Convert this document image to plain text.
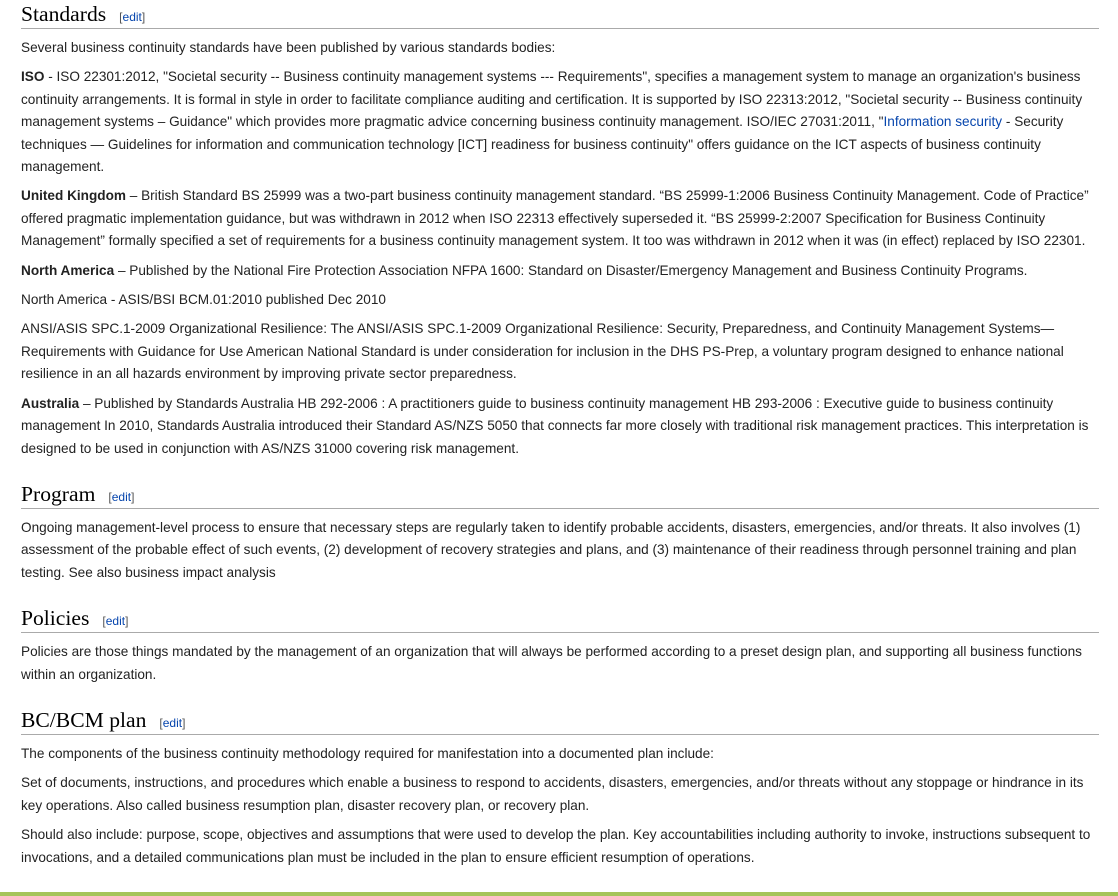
Standards [edit]

Several business continuity standards have been published by various standards bodies:

ISO - ISO 22301:2012, "Societal security -- Business continuity management systems --- Requirements", specifies a management system to manage an organization's business continuity arrangements. It is formal in style in order to facilitate compliance auditing and certification. It is supported by ISO 22313:2012, "Societal security -- Business continuity management systems – Guidance" which provides more pragmatic advice concerning business continuity management. ISO/IEC 27031:2011, "Information security - Security techniques — Guidelines for information and communication technology [ICT] readiness for business continuity" offers guidance on the ICT aspects of business continuity management.

United Kingdom – British Standard BS 25999 was a two-part business continuity management standard. “BS 25999-1:2006 Business Continuity Management. Code of Practice” offered pragmatic implementation guidance, but was withdrawn in 2012 when ISO 22313 effectively superseded it. “BS 25999-2:2007 Specification for Business Continuity Management” formally specified a set of requirements for a business continuity management system. It too was withdrawn in 2012 when it was (in effect) replaced by ISO 22301.

North America – Published by the National Fire Protection Association NFPA 1600: Standard on Disaster/Emergency Management and Business Continuity Programs.

North America - ASIS/BSI BCM.01:2010 published Dec 2010

ANSI/ASIS SPC.1-2009 Organizational Resilience: The ANSI/ASIS SPC.1-2009 Organizational Resilience: Security, Preparedness, and Continuity Management Systems—Requirements with Guidance for Use American National Standard is under consideration for inclusion in the DHS PS-Prep, a voluntary program designed to enhance national resilience in an all hazards environment by improving private sector preparedness.

Australia – Published by Standards Australia HB 292-2006 : A practitioners guide to business continuity management HB 293-2006 : Executive guide to business continuity management In 2010, Standards Australia introduced their Standard AS/NZS 5050 that connects far more closely with traditional risk management practices. This interpretation is designed to be used in conjunction with AS/NZS 31000 covering risk management.

Program [edit]

Ongoing management-level process to ensure that necessary steps are regularly taken to identify probable accidents, disasters, emergencies, and/or threats. It also involves (1) assessment of the probable effect of such events, (2) development of recovery strategies and plans, and (3) maintenance of their readiness through personnel training and plan testing. See also business impact analysis

Policies [edit]

Policies are those things mandated by the management of an organization that will always be performed according to a preset design plan, and supporting all business functions within an organization.

BC/BCM plan [edit]

The components of the business continuity methodology required for manifestation into a documented plan include:

Set of documents, instructions, and procedures which enable a business to respond to accidents, disasters, emergencies, and/or threats without any stoppage or hindrance in its key operations. Also called business resumption plan, disaster recovery plan, or recovery plan.

Should also include: purpose, scope, objectives and assumptions that were used to develop the plan. Key accountabilities including authority to invoke, instructions subsequent to invocations, and a detailed communications plan must be included in the plan to ensure efficient resumption of operations.
